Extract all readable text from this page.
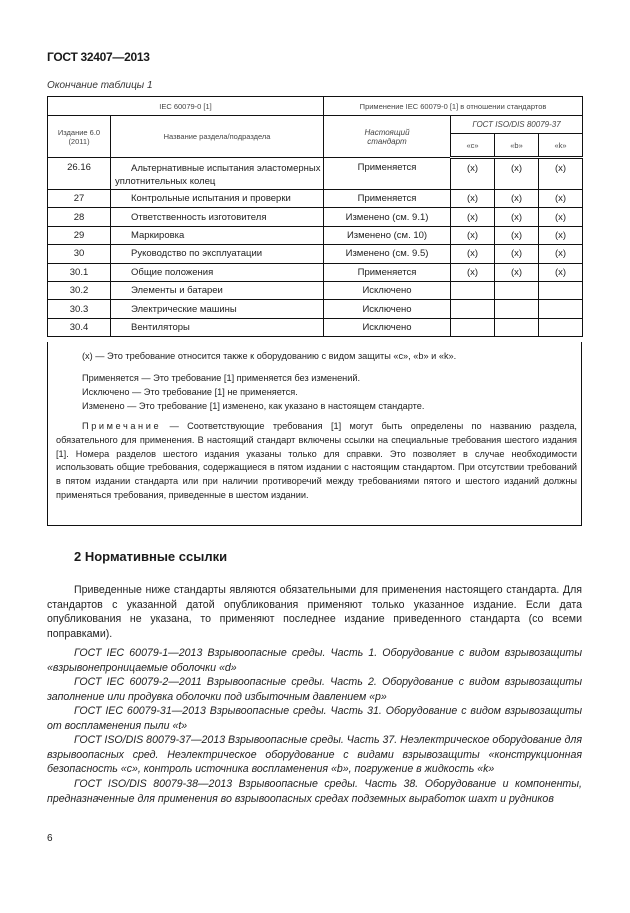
ГОСТ 32407—2013
Окончание таблицы 1
IEC 60079-0 [1]		Применение IEC 60079-0 [1] в отношении стандартов			
Издание 6.0 (2011)	Название раздела/подраздела	Настоящий стандарт	ГОСТ ISO/DIS 80079-37		
			«c»	«b»	«k»
26.16	Альтернативные испытания эластомерных уплотнительных колец	Применяется	(x)	(x)	(x)
27	Контрольные испытания и проверки	Применяется	(x)	(x)	(x)
28	Ответственность изготовителя	Изменено (см. 9.1)	(x)	(x)	(x)
29	Маркировка	Изменено (см. 10)	(x)	(x)	(x)
30	Руководство по эксплуатации	Изменено (см. 9.5)	(x)	(x)	(x)
30.1	Общие положения	Применяется	(x)	(x)	(x)
30.2	Элементы и батареи	Исключено			
30.3	Электрические машины	Исключено			
30.4	Вентиляторы	Исключено			

(x) — Это требование относится также к оборудованию с видом защиты «c», «b» и «k».

Применяется — Это требование [1] применяется без изменений.

Исключено — Это требование [1] не применяется.

Изменено — Это требование [1] изменено, как указано в настоящем стандарте.

Примечание — Соответствующие требования [1] могут быть определены по названию раздела, обязательного для применения. В настоящий стандарт включены ссылки на специальные требования шестого издания [1]. Номера разделов шестого издания указаны только для справки. Это позволяет в случае необходимости использовать общие требования, содержащиеся в пятом издании с настоящим стандартом. При отсутствии требований в пятом издании стандарта или при наличии противоречий между требованиями пятого и шестого изданий должны применяться требования, приведенные в шестом издании.

2 Нормативные ссылки

Приведенные ниже стандарты являются обязательными для применения настоящего стандарта. Для стандартов с указанной датой опубликования применяют только указанное издание. Если дата опубликования не указана, то применяют последнее издание приведенного стандарта (со всеми поправками).

ГОСТ IEC 60079-1—2013 Взрывоопасные среды. Часть 1. Оборудование с видом взрывозащиты «взрывонепроницаемые оболочки «d»

ГОСТ IEC 60079-2—2011 Взрывоопасные среды. Часть 2. Оборудование с видом взрывозащиты заполнение или продувка оболочки под избыточным давлением «p»

ГОСТ IEC 60079-31—2013 Взрывоопасные среды. Часть 31. Оборудование с видом взрывозащиты от воспламенения пыли «t»

ГОСТ ISO/DIS 80079-37—2013 Взрывоопасные среды. Часть 37. Неэлектрическое оборудование для взрывоопасных сред. Неэлектрическое оборудование с видами взрывозащиты «конструкционная безопасность «c», контроль источника воспламенения «b», погружение в жидкость «k»

ГОСТ ISO/DIS 80079-38—2013 Взрывоопасные среды. Часть 38. Оборудование и компоненты, предназначенные для применения во взрывоопасных средах подземных выработок шахт и рудников

6
